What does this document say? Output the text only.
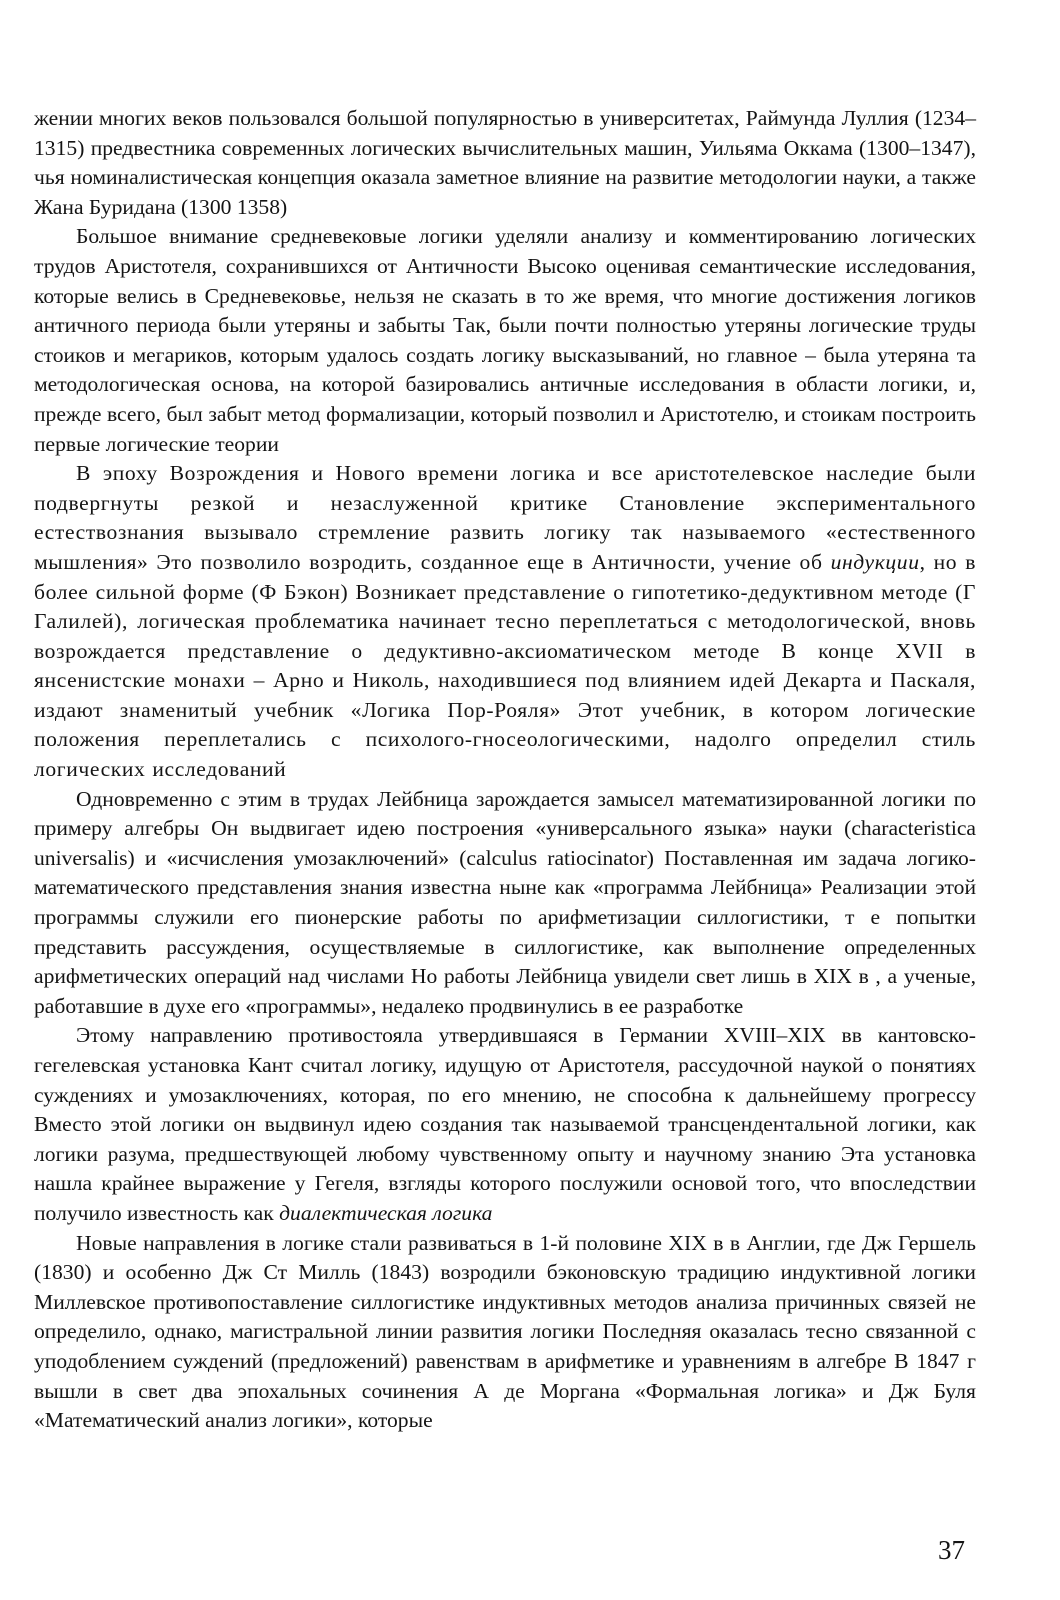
жении многих веков пользовался большой популярностью в университетах, Раймунда Луллия (1234–1315) предвестника современных логических вычислительных машин, Уильяма Оккама (1300–1347), чья номиналистическая концепция оказала заметное влияние на развитие методологии науки, а также Жана Буридана (1300 1358)

Большое внимание средневековые логики уделяли анализу и комментированию логических трудов Аристотеля, сохранившихся от Античности Высоко оценивая семантические исследования, которые велись в Средневековье, нельзя не сказать в то же время, что многие достижения логиков античного периода были утеряны и забыты Так, были почти полностью утеряны логические труды стоиков и мегариков, которым удалось создать логику высказываний, но главное – была утеряна та методологическая основа, на которой базировались античные исследования в области логики, и, прежде всего, был забыт метод формализации, который позволил и Аристотелю, и стоикам построить первые логические теории

В эпоху Возрождения и Нового времени логика и все аристотелевское наследие были подвергнуты резкой и незаслуженной критике Становление экспериментального естествознания вызывало стремление развить логику так называемого «естественного мышления» Это позволило возродить, созданное еще в Античности, учение об индукции, но в более сильной форме (Ф Бэкон) Возникает представление о гипотетико-дедуктивном методе (Г Галилей), логическая проблематика начинает тесно переплетаться с методологической, вновь возрождается представление о дедуктивно-аксиоматическом методе В конце XVII в янсенистские монахи – Арно и Николь, находившиеся под влиянием идей Декарта и Паскаля, издают знаменитый учебник «Логика Пор-Рояля» Этот учебник, в котором логические положения переплетались с психолого-гносеологическими, надолго определил стиль логических исследований

Одновременно с этим в трудах Лейбница зарождается замысел математизированной логики по примеру алгебры Он выдвигает идею построения «универсального языка» науки (characteristica universalis) и «исчисления умозаключений» (calculus ratiocinator) Поставленная им задача логико-математического представления знания известна ныне как «программа Лейбница» Реализации этой программы служили его пионерские работы по арифметизации силлогистики, т е попытки представить рассуждения, осуществляемые в силлогистике, как выполнение определенных арифметических операций над числами Но работы Лейбница увидели свет лишь в XIX в , а ученые, работавшие в духе его «программы», недалеко продвинулись в ее разработке

Этому направлению противостояла утвердившаяся в Германии XVIII–XIX вв кантовско-гегелевская установка Кант считал логику, идущую от Аристотеля, рассудочной наукой о понятиях суждениях и умозаключениях, которая, по его мнению, не способна к дальнейшему прогрессу Вместо этой логики он выдвинул идею создания так называемой трансцендентальной логики, как логики разума, предшествующей любому чувственному опыту и научному знанию Эта установка нашла крайнее выражение у Гегеля, взгляды которого послужили основой того, что впоследствии получило известность как диалектическая логика

Новые направления в логике стали развиваться в 1-й половине XIX в в Англии, где Дж Гершель (1830) и особенно Дж Ст Милль (1843) возродили бэконовскую традицию индуктивной логики Миллевское противопоставление силлогистике индуктивных методов анализа причинных связей не определило, однако, магистральной линии развития логики Последняя оказалась тесно связанной с уподоблением суждений (предложений) равенствам в арифметике и уравнениям в алгебре В 1847 г вышли в свет два эпохальных сочинения А де Моргана «Формальная логика» и Дж Буля «Математический анализ логики», которые

37
